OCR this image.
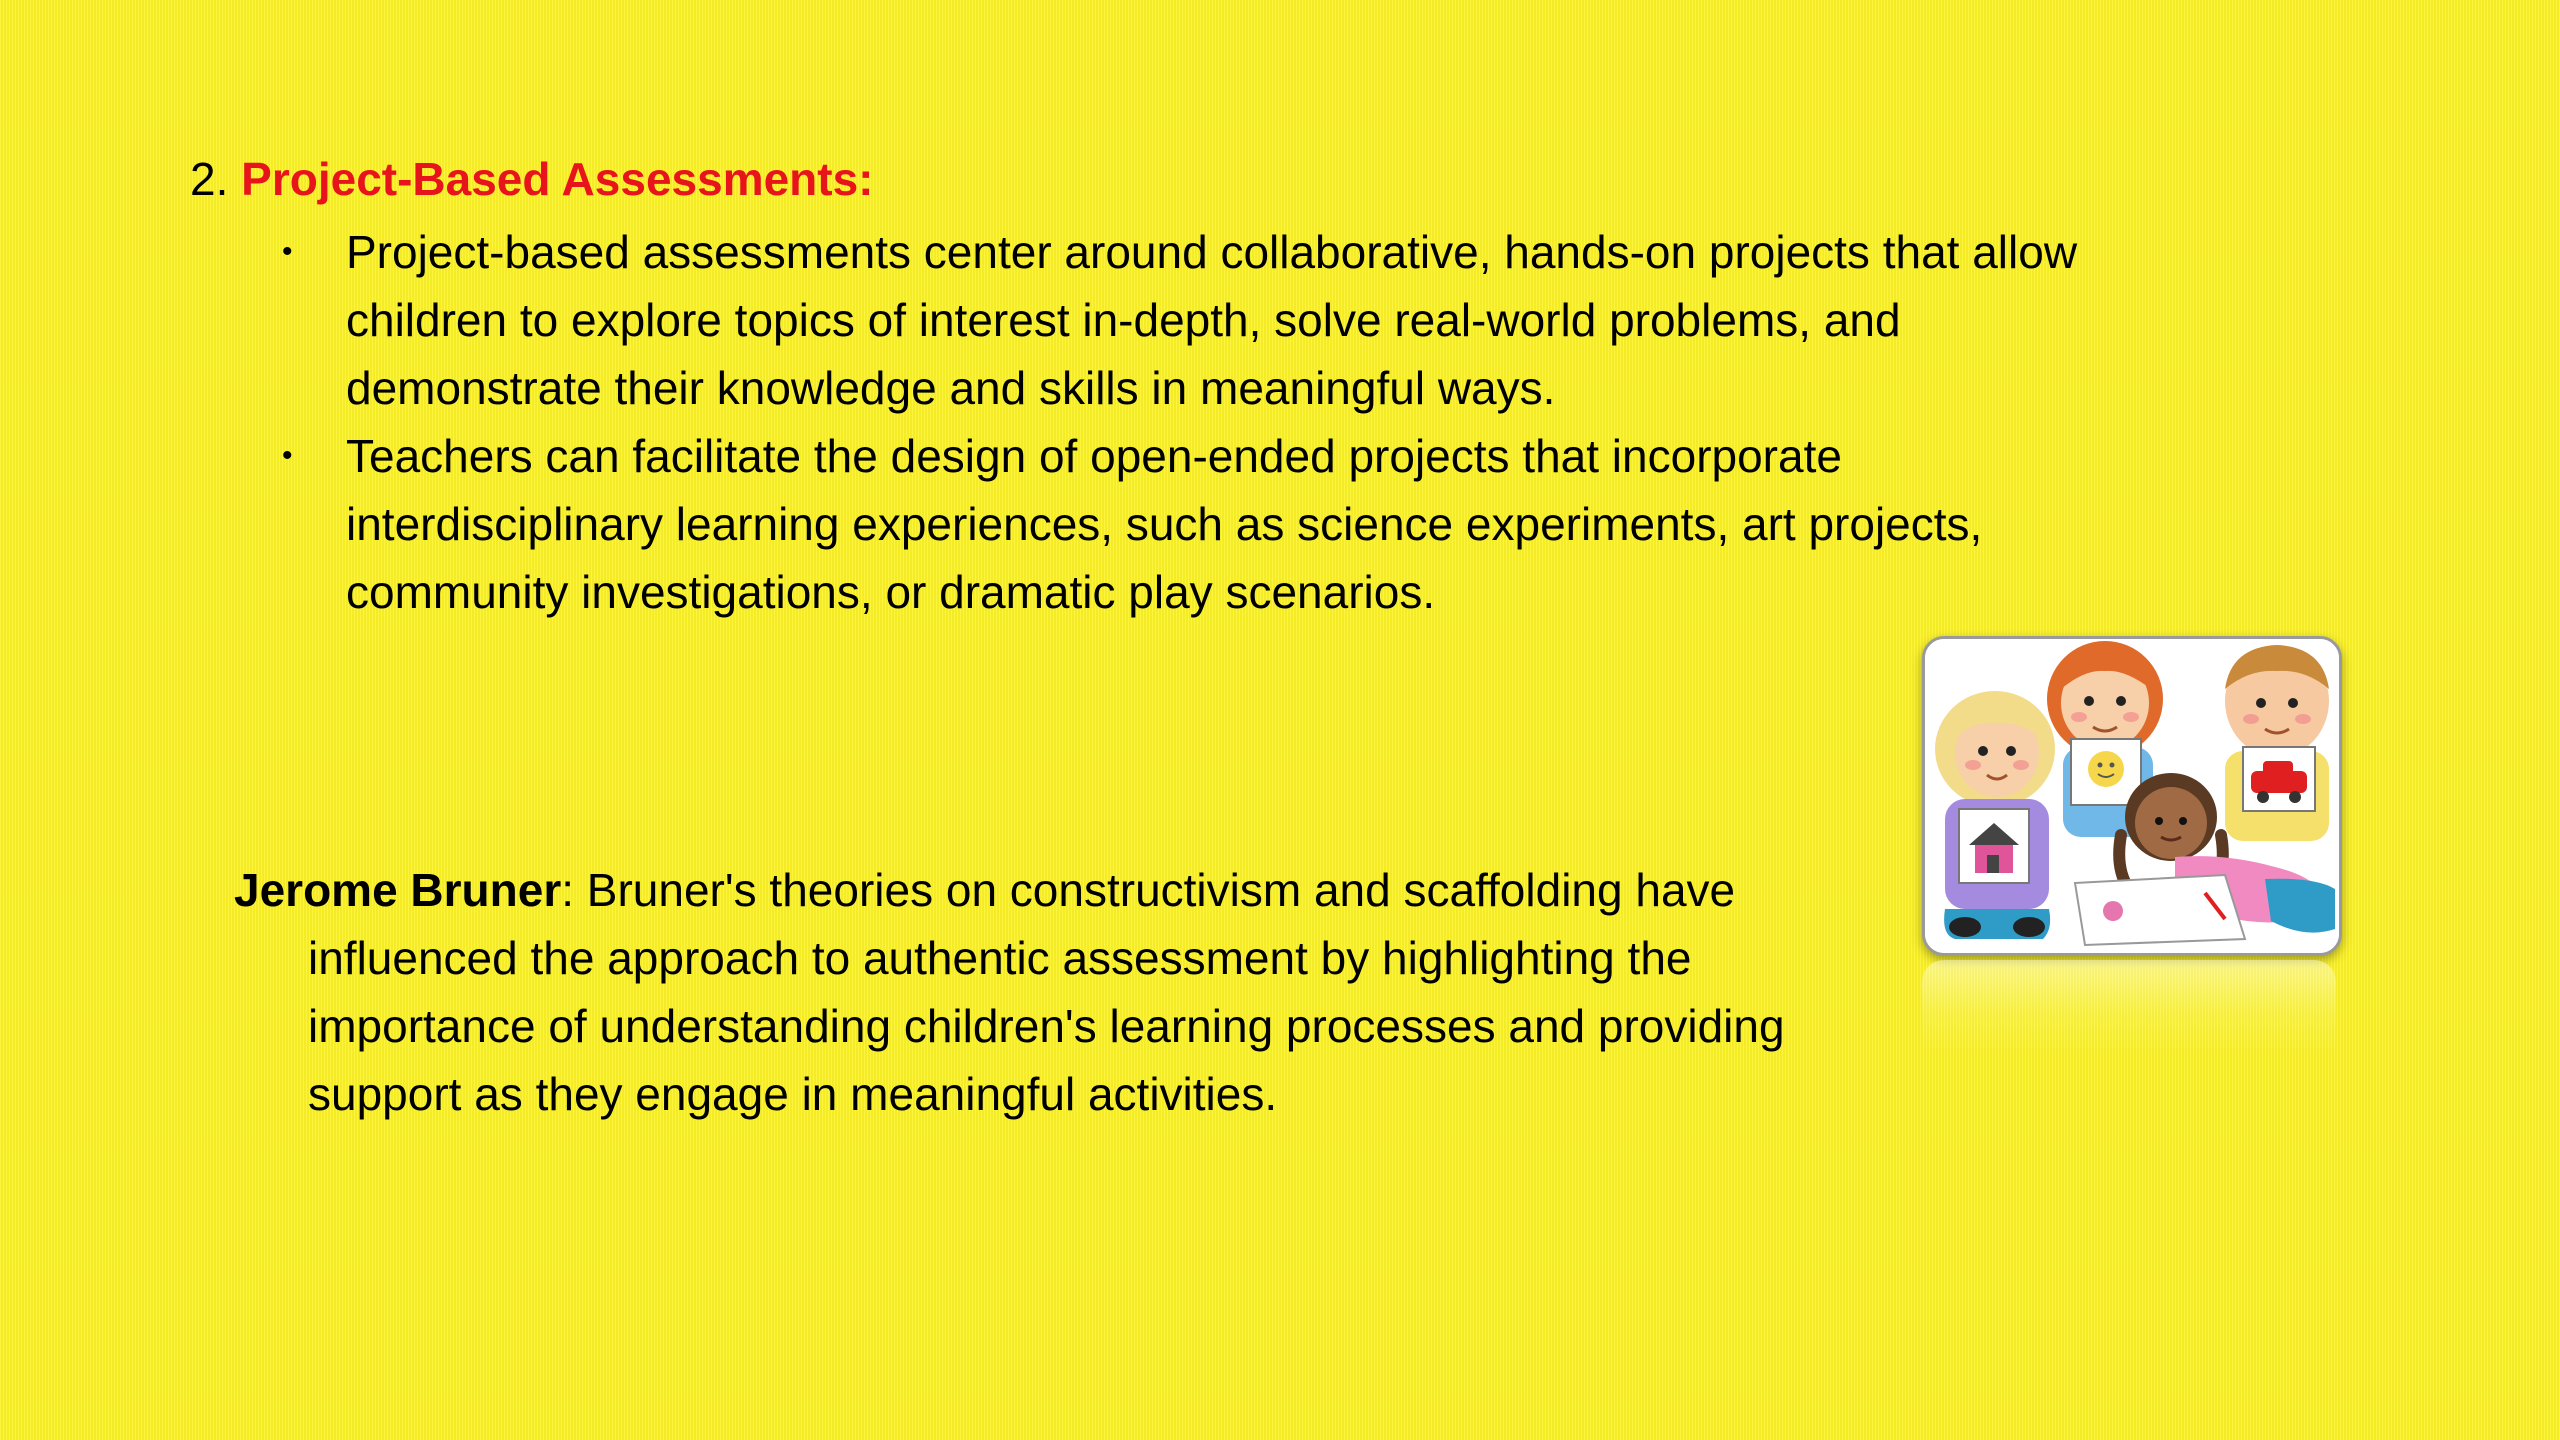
2. Project-Based Assessments:
• Project-based assessments center around collaborative, hands-on projects that allow

children to explore topics of interest in-depth, solve real-world problems, and

demonstrate their knowledge and skills in meaningful ways.

• Teachers can facilitate the design of open-ended projects that incorporate

interdisciplinary learning experiences, such as science experiments, art projects,

community investigations, or dramatic play scenarios.

Jerome Bruner: Bruner's theories on constructivism and scaffolding have

influenced the approach to authentic assessment by highlighting the

importance of understanding children's learning processes and providing

support as they engage in meaningful activities.
